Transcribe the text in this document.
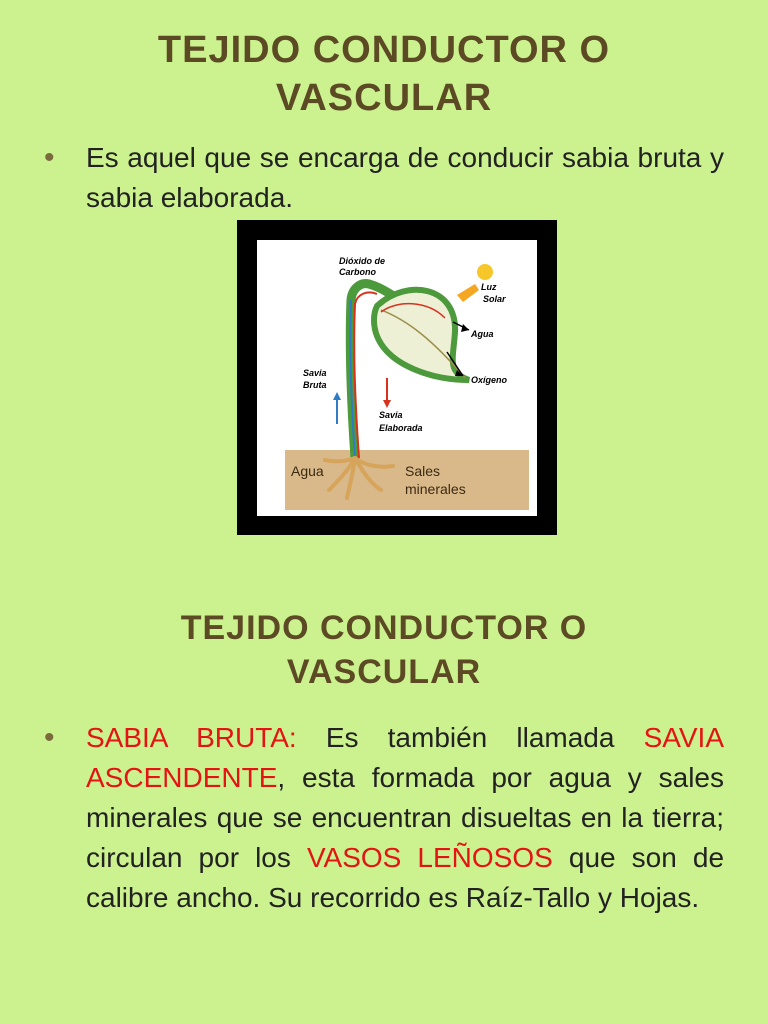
TEJIDO CONDUCTOR O VASCULAR
• Es aquel que se encarga de conducir sabia bruta y sabia elaborada.
Dióxido de
Carbono
Luz
Solar
Agua
Oxígeno
Savia
Bruta
Savia
Elaborada
Agua	Sales
minerales
TEJIDO CONDUCTOR O VASCULAR
• SABIA BRUTA: Es también llamada SAVIA ASCENDENTE, esta formada por agua y sales minerales que se encuentran disueltas en la tierra; circulan por los VASOS LEÑOSOS que son de calibre ancho. Su recorrido es Raíz-Tallo y Hojas.
